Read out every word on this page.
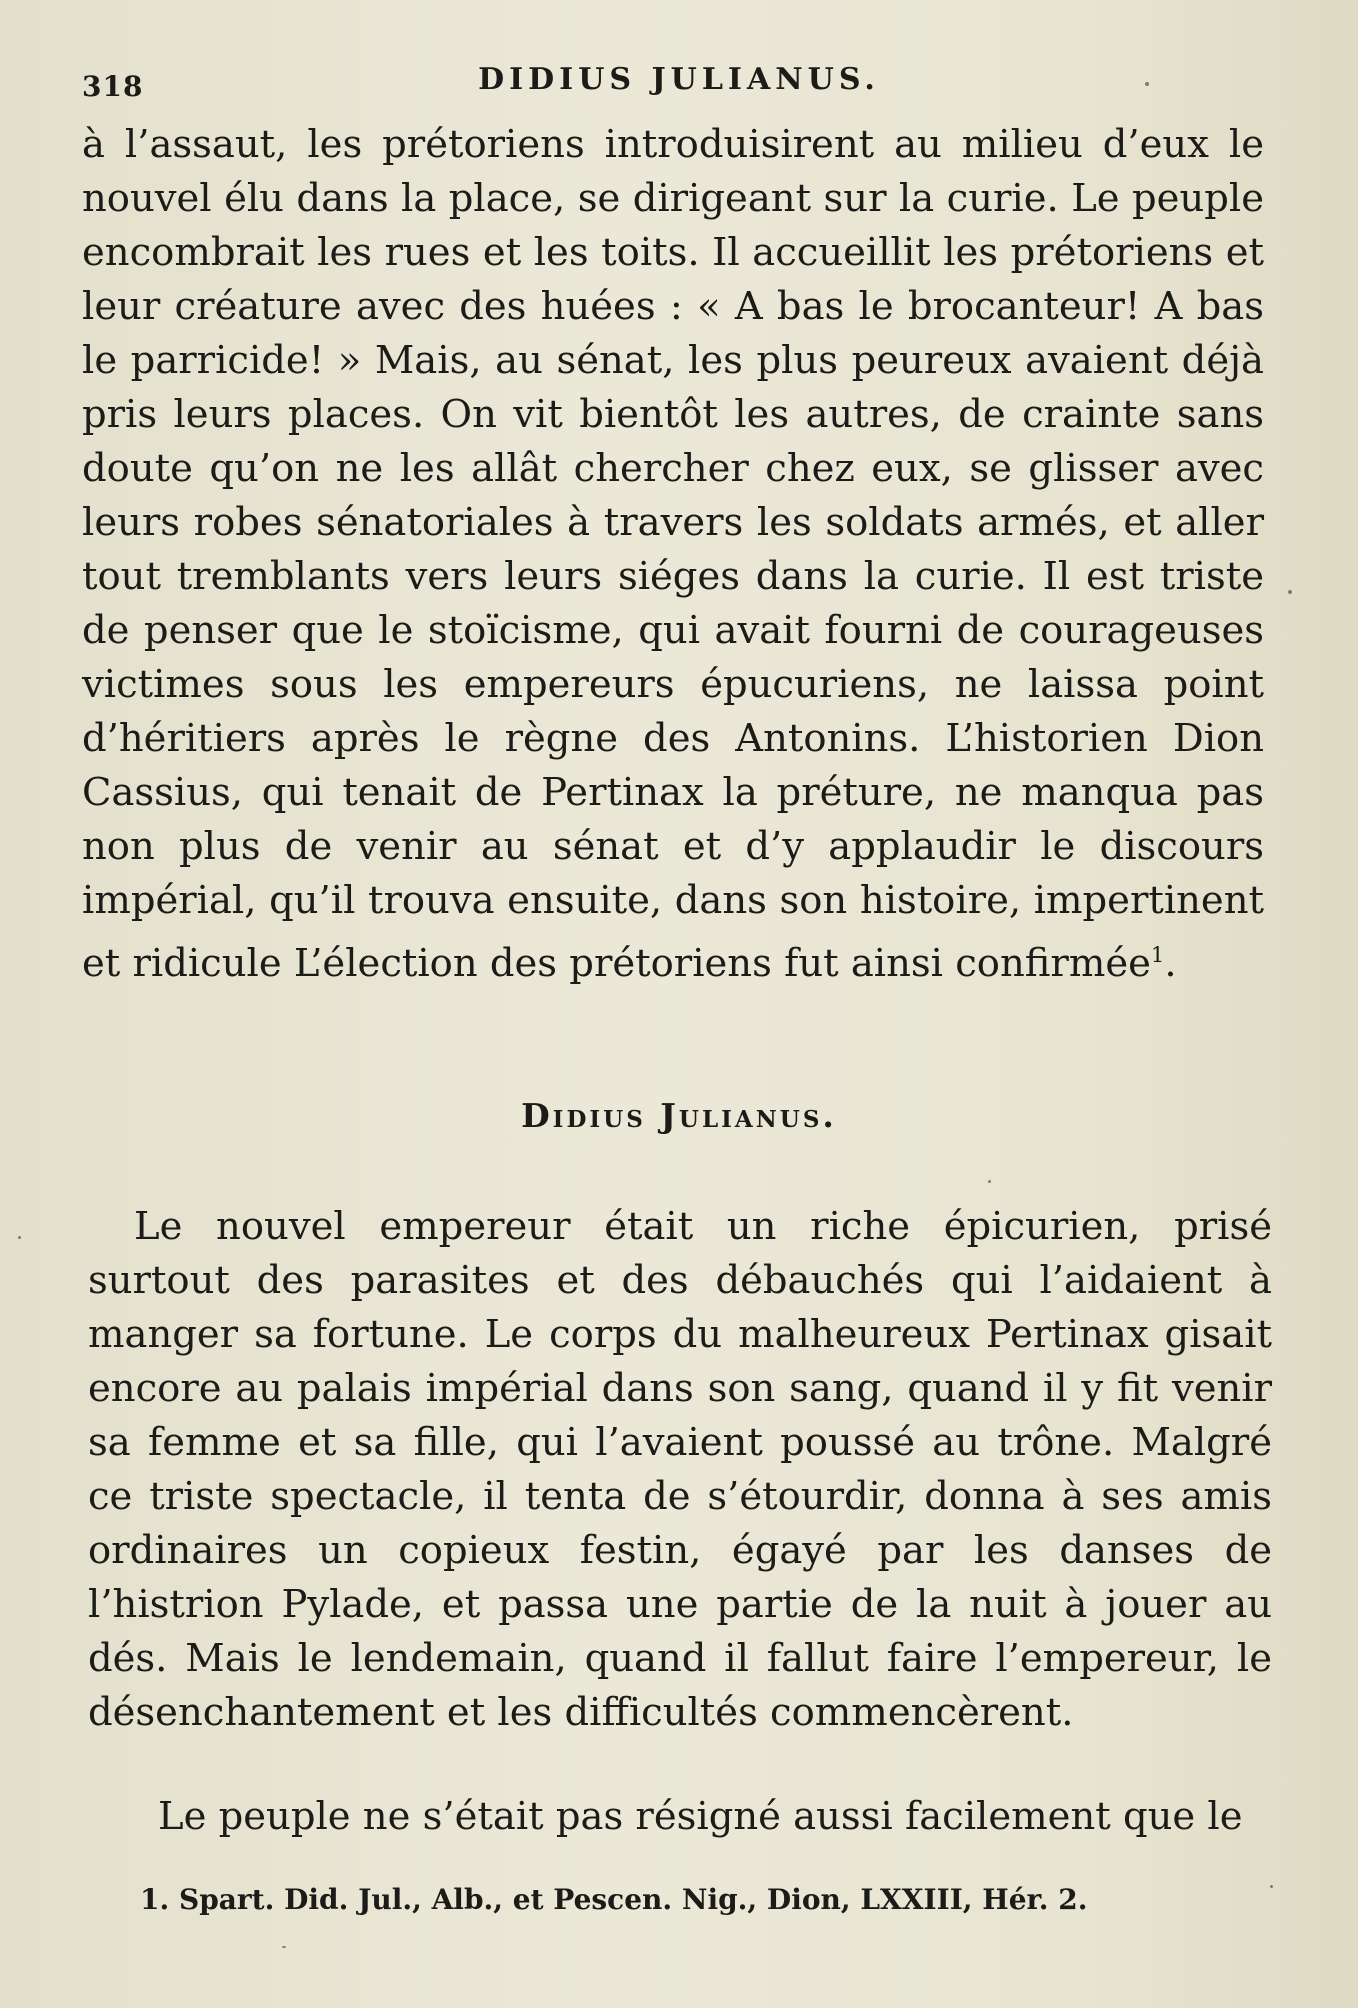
318	DIDIUS JULIANUS.
à l’assaut, les prétoriens introduisirent au milieu d’eux le nouvel élu dans la place, se dirigeant sur la curie. Le peuple encombrait les rues et les toits. Il accueillit les prétoriens et leur créature avec des huées : « A bas le brocanteur! A bas le parricide! » Mais, au sénat, les plus peureux avaient déjà pris leurs places. On vit bientôt les autres, de crainte sans doute qu’on ne les allât chercher chez eux, se glisser avec leurs robes sénatoriales à travers les soldats armés, et aller tout tremblants vers leurs siéges dans la curie. Il est triste de penser que le stoïcisme, qui avait fourni de courageuses victimes sous les empereurs épucuriens, ne laissa point d’héritiers après le règne des Antonins. L’historien Dion Cassius, qui tenait de Pertinax la préture, ne manqua pas non plus de venir au sénat et d’y applaudir le discours impérial, qu’il trouva ensuite, dans son histoire, impertinent et ridicule L’élection des prétoriens fut ainsi confirmée$^1$.
Didius Julianus.
Le nouvel empereur était un riche épicurien, prisé surtout des parasites et des débauchés qui l’aidaient à manger sa fortune. Le corps du malheureux Pertinax gisait encore au palais impérial dans son sang, quand il y fit venir sa femme et sa fille, qui l’avaient poussé au trône. Malgré ce triste spectacle, il tenta de s’étourdir, donna à ses amis ordinaires un copieux festin, égayé par les danses de l’histrion Pylade, et passa une partie de la nuit à jouer au dés. Mais le lendemain, quand il fallut faire l’empereur, le désenchantement et les difficultés commencèrent.
Le peuple ne s’était pas résigné aussi facilement que le
1. Spart. Did. Jul., Alb., et Pescen. Nig., Dion, LXXIII, Hér. 2.
